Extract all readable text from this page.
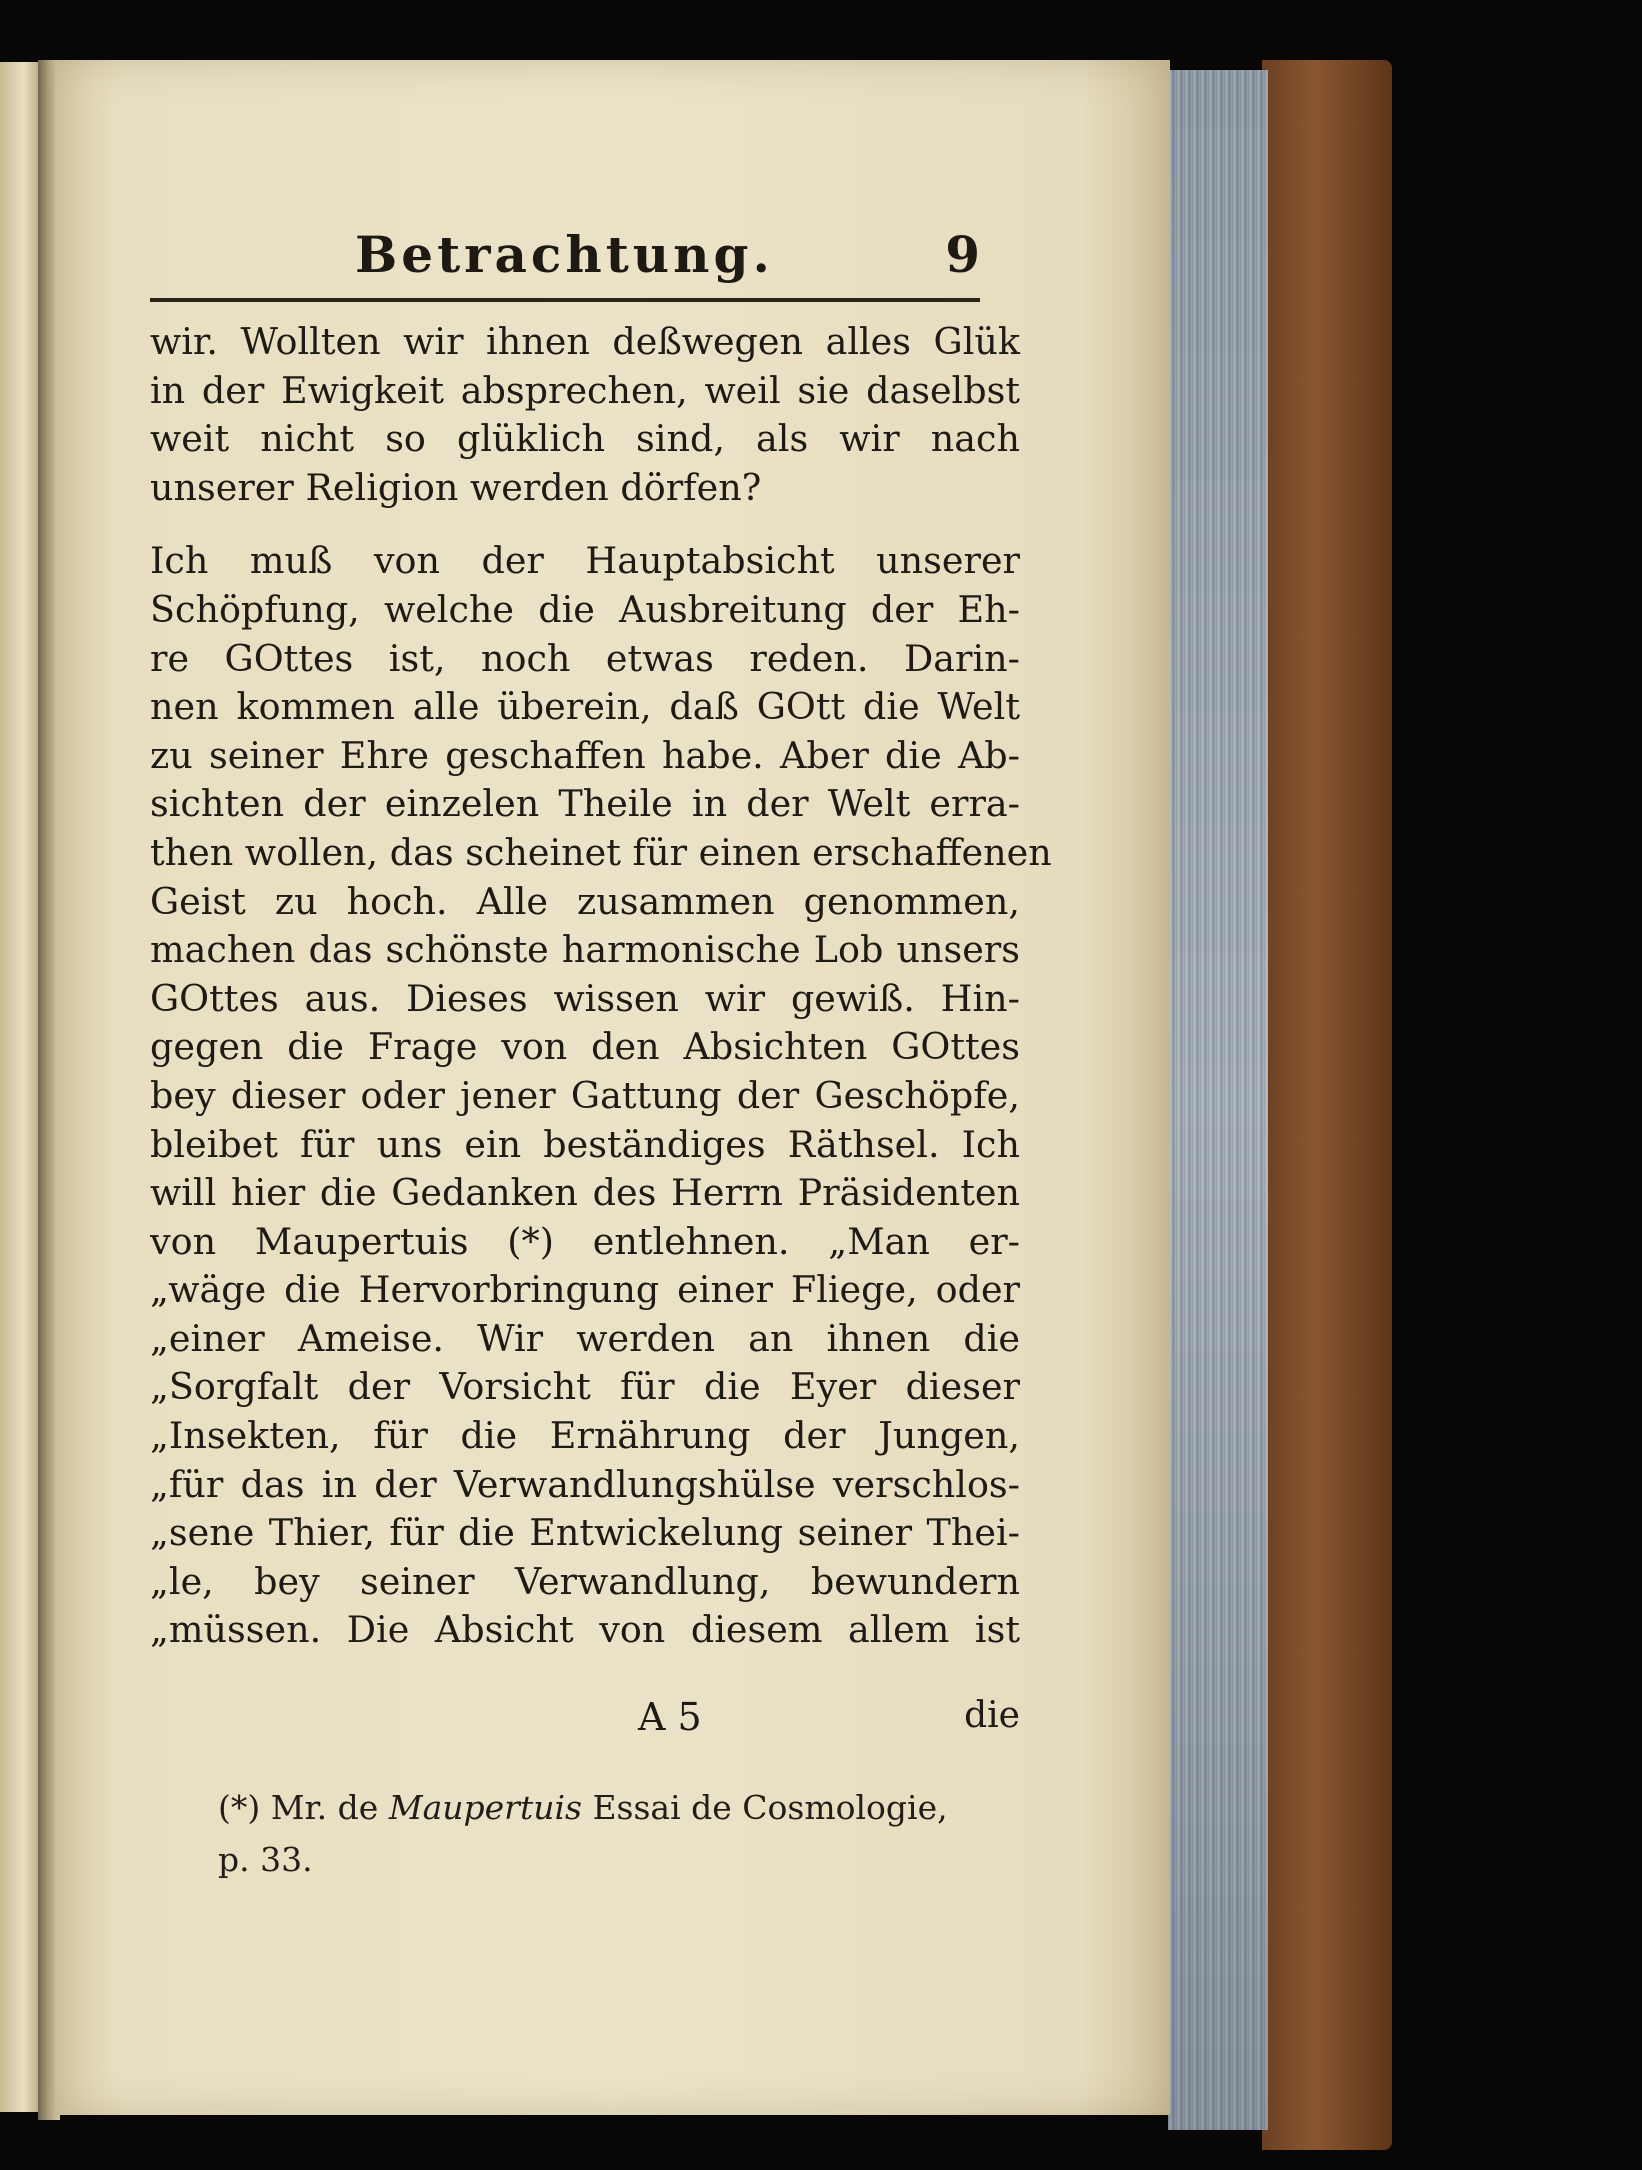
Betrachtung.	9
wir. Wollten wir ihnen deßwegen alles Glük
in der Ewigkeit absprechen, weil sie daselbst
weit nicht so glüklich sind, als wir nach
unserer Religion werden dörfen?
Ich muß von der Hauptabsicht unserer
Schöpfung, welche die Ausbreitung der Eh-
re GOttes ist, noch etwas reden. Darin-
nen kommen alle überein, daß GOtt die Welt
zu seiner Ehre geschaffen habe. Aber die Ab-
sichten der einzelen Theile in der Welt erra-
then wollen, das scheinet für einen erschaffenen
Geist zu hoch. Alle zusammen genommen,
machen das schönste harmonische Lob unsers
GOttes aus. Dieses wissen wir gewiß. Hin-
gegen die Frage von den Absichten GOttes
bey dieser oder jener Gattung der Geschöpfe,
bleibet für uns ein beständiges Räthsel. Ich
will hier die Gedanken des Herrn Präsidenten
von Maupertuis (*) entlehnen. „Man er-
„wäge die Hervorbringung einer Fliege, oder
„einer Ameise. Wir werden an ihnen die
„Sorgfalt der Vorsicht für die Eyer dieser
„Insekten, für die Ernährung der Jungen,
„für das in der Verwandlungshülse verschlos-
„sene Thier, für die Entwickelung seiner Thei-
„le, bey seiner Verwandlung, bewundern
„müssen. Die Absicht von diesem allem ist
A 5	die
(*) Mr. de Maupertuis Essai de Cosmologie,
p. 33.
